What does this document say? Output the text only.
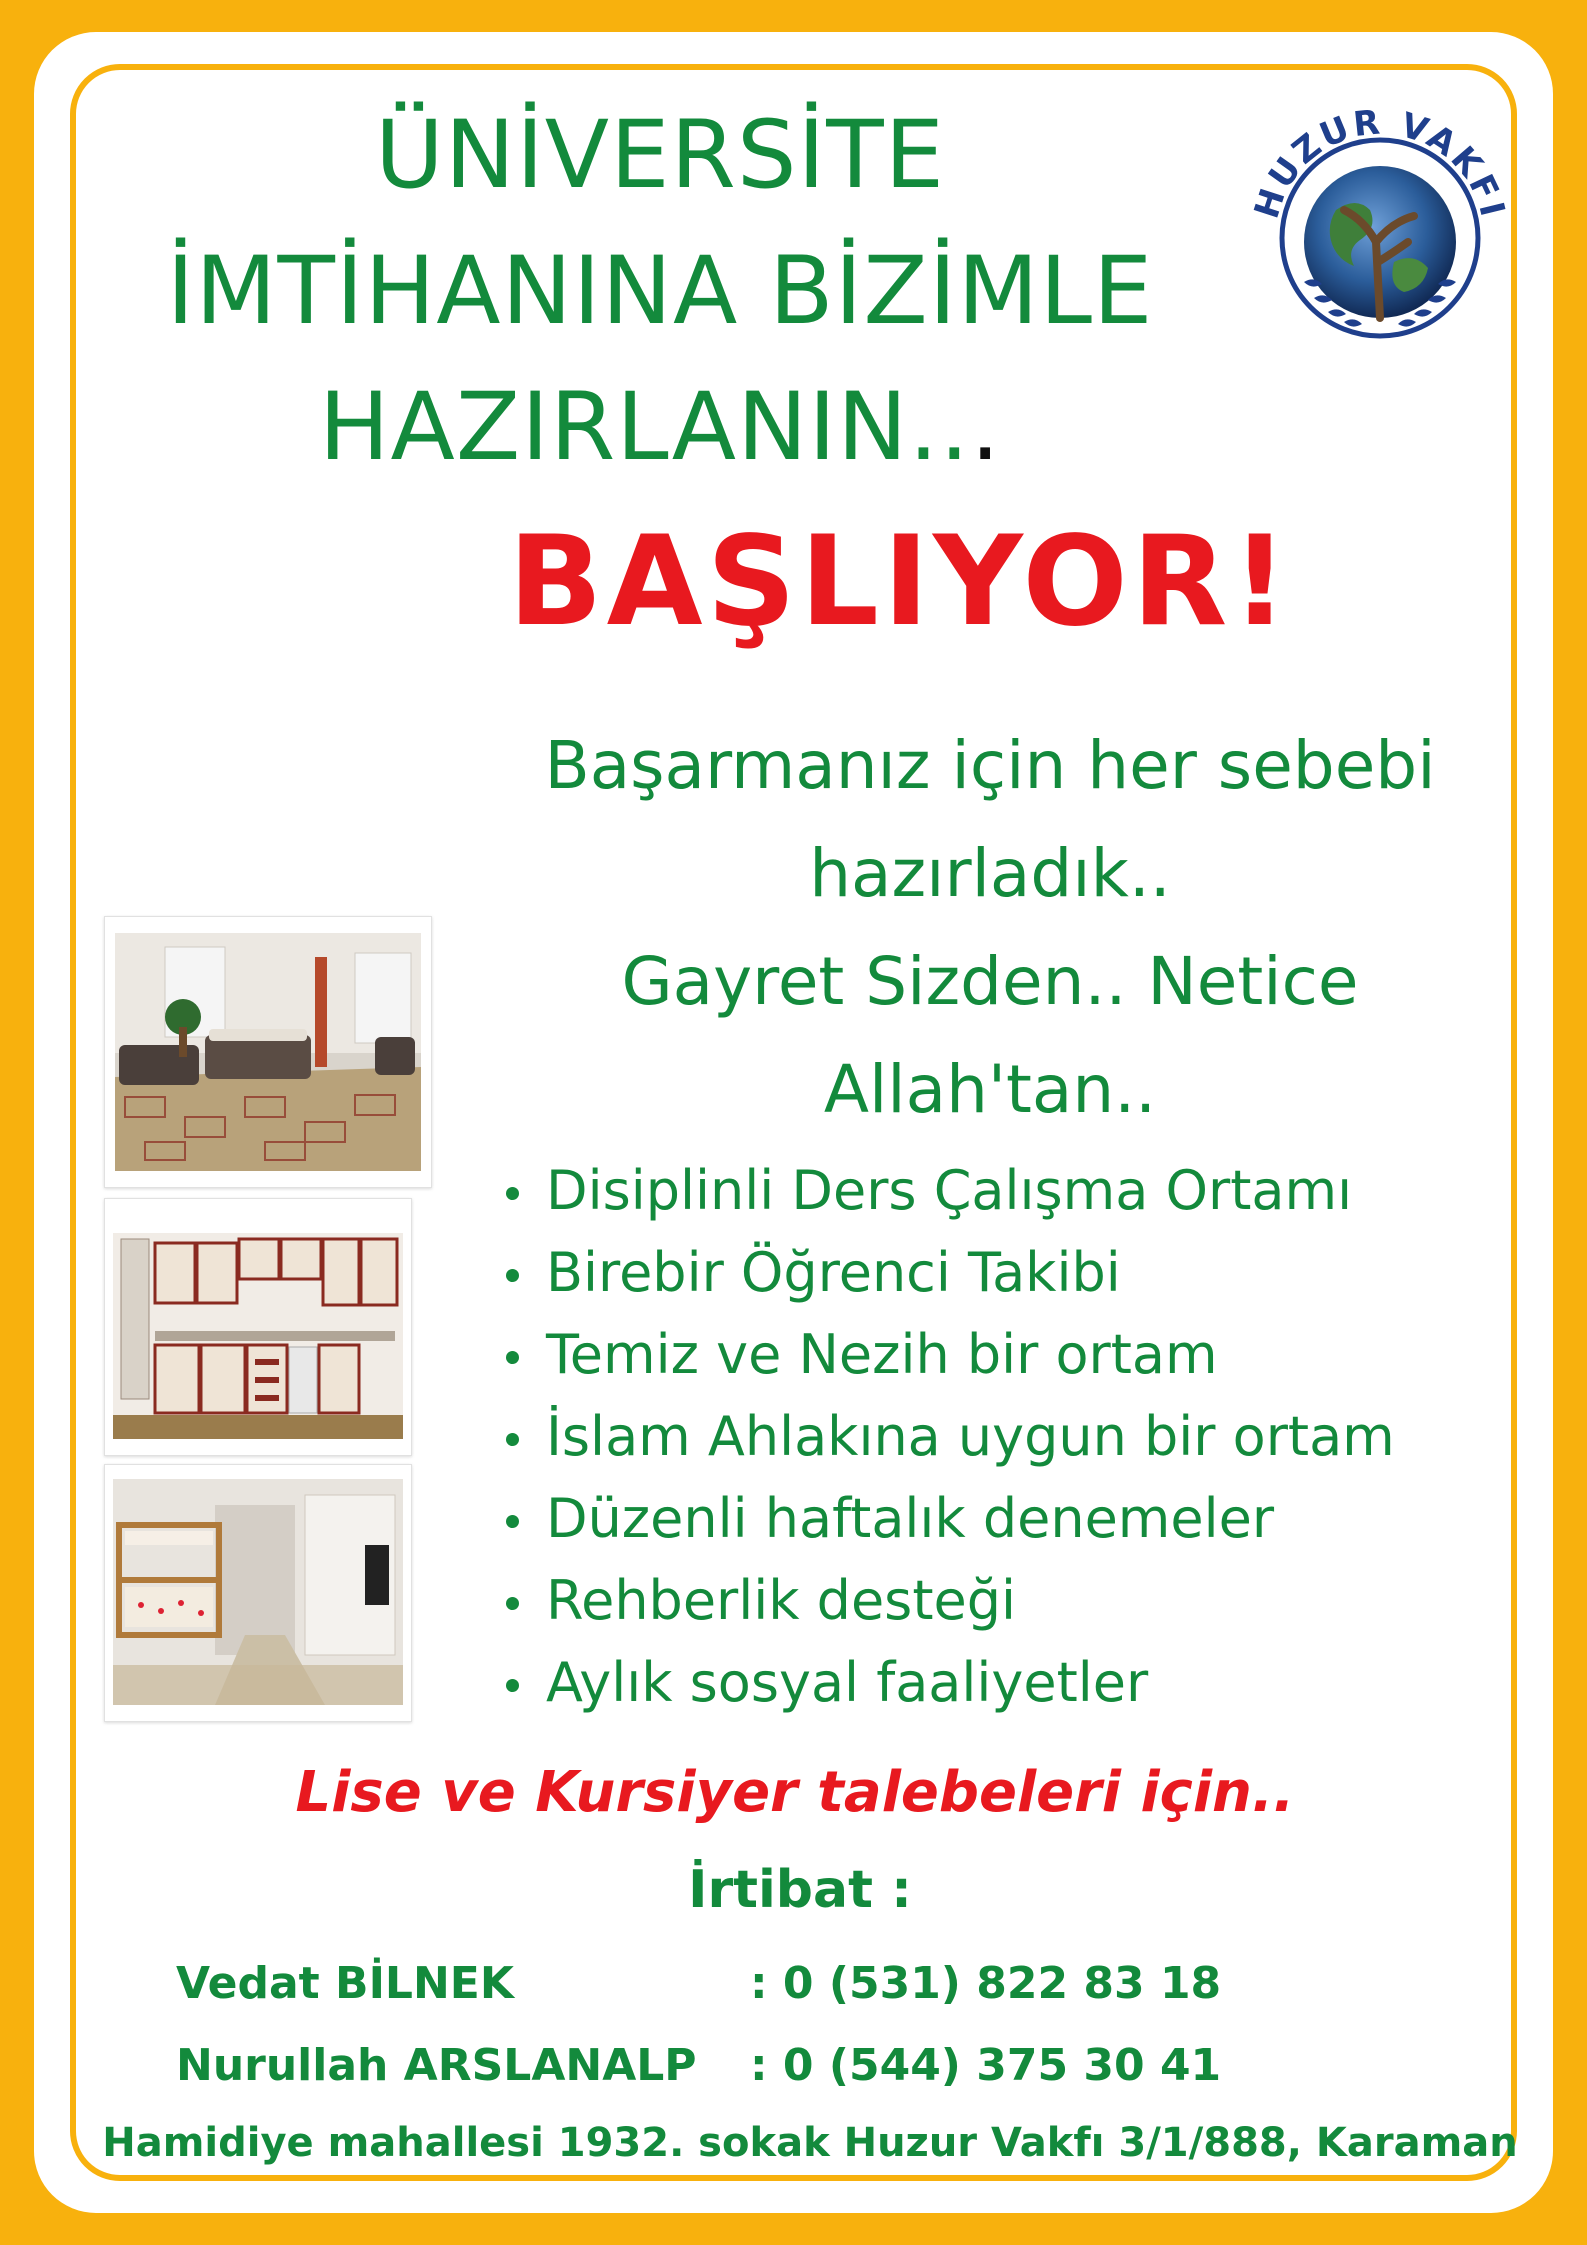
ÜNİVERSİTE
İMTİHANINA BİZİMLE
HAZIRLANIN...
HUZUR VAKFI
BAŞLIYOR!
Başarmanız için her sebebi
hazırladık..
Gayret Sizden.. Netice
Allah'tan..
Disiplinli Ders Çalışma Ortamı
Birebir Öğrenci Takibi
Temiz ve Nezih bir ortam
İslam Ahlakına uygun bir ortam
Düzenli haftalık denemeler
Rehberlik desteği
Aylık sosyal faaliyetler
Lise ve Kursiyer talebeleri için..
İrtibat :
Vedat BİLNEK	: 0 (531) 822 83 18
Nurullah ARSLANALP : 0 (544) 375 30 41
Hamidiye mahallesi 1932. sokak Huzur Vakfı 3/1/888, Karaman
